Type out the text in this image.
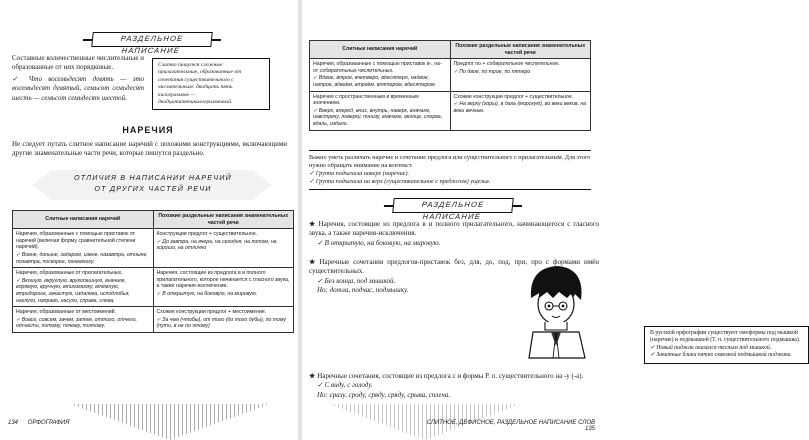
РАЗДЕЛЬНОЕ НАПИСАНИЕ
Составные количественные числительные и образованные от них порядковые.
✓ Что восемьдесят девять — это восемьдесят девятый, семьсот семьдесят шесть — семьсот семьдесят шестой.
Слитно пишутся сложные прилагательные, образованные от сочетания существительного с числительным: двадцать пять килограммов — двадцатипятикилограммовый.
НАРЕЧИЯ
Не следует путать слитное написание наречий с похожими конструкциями, включающими другие знаменательные части речи, которые пишутся раздельно.
ОТЛИЧИЯ В НАПИСАНИИ НАРЕЧИЙ
ОТ ДРУГИХ ЧАСТЕЙ РЕЧИ
Слитные написания наречий	Похожие раздельные написания знаменательных частей речи
Наречия, образованные с помощью приставок от наречий (включая форму сравнительной степени наречий).
✓ Вовне, доныне, задаром, извне, назавтра, отныне, позавтра, поскорее, понемногу.	Конструкции предлог + существительное.
✓ До завтра, на вчера, на сегодня, на потом, на хорошо, на отлично

Наречия, образованные от прилагательных.
✓ Вкошую, вкруглую, врукопашную, вначале, впрямую, вручную, втихомолку, втёмную, втридорога, зачастую, издалека, исподлобья, наглухо, направо, насухо, справа, слева.	Наречия, состоящие из предлога в и полного прилагательного, которое начинается с гласного звука, а также наречие-исключение.
✓ В открытую, на боковую, на мировую.

Наречия, образованные от местоимений.
✓ Вовсе, совсем, зачем, затем, оттого, отчего, отчасти, потому, почему, поэтому.	Схожие конструкции предлог + местоимение.
✓ За чем (чтобы), от того (до того дубы), по тому (пути, в не по этому)
134 ОРФОГРАФИЯ
Слитные написания наречий	Похожие раздельные написания знаменательных частей речи
Наречия, образованные с помощью приставок в-, на- от собирательных числительных.
✓ Вдвое, втрое, вчетверо, вдесятеро, надвое, натрое, вдвоём, втроём, впятером, вдесятером.	Предлог по + собирательное числительное.
✓ По двое, по трое, по пятеро

Наречия с пространственным и временным значением.
✓ Вверх, вперед, вниз, внутрь, наверх, вначале, навстречу, поверху, понизу, вначале, вконце, сперва, вдаль, издали.	Схожие конструкции предлог + существительное.
✓ На верху (горы), в даль (морскую), во веки веков, на веки вечные.
Важно уметь различать наречие и сочетание предлога или существительного с прилагательным. Для этого нужно обращать внимание на контекст.
✓ Группа подъехала наверх (наречие).
✓ Группа подъехала на верх (существительное с предлогом) ущелья.
РАЗДЕЛЬНОЕ НАПИСАНИЕ
★ Наречия, состоящие из предлога в и полного прилагательного, начинающегося с гласного звука, а также наречия-исключения.
✓ В открытую, на боковую, на мировую.
★ Наречные сочетания предлогов-приставок без, для, до, под, при, про с формами имён существительных.
✓ Без конца, под мышкой.
Но: дотла, подчас, подмышку.
В русской орфографии существуют омоформы под мышкой (наречие) и подмышкой (Т. п. существительного подмышка).
✓ Новый пиджак оказался тесным под мышкой.
✓ Закатные блики пятно сквозной подмышкой пиджака.
★ Наречные сочетания, состоящие из предлога с и формы Р. п. существительного на -у (-а).
✓ С виду, с голоду.
Но: сразу, сроду, сряду, сряду, срыва, сплеча.
СЛИТНОЕ, ДЕФИСНОЕ, РАЗДЕЛЬНОЕ НАПИСАНИЕ СЛОВ 135
